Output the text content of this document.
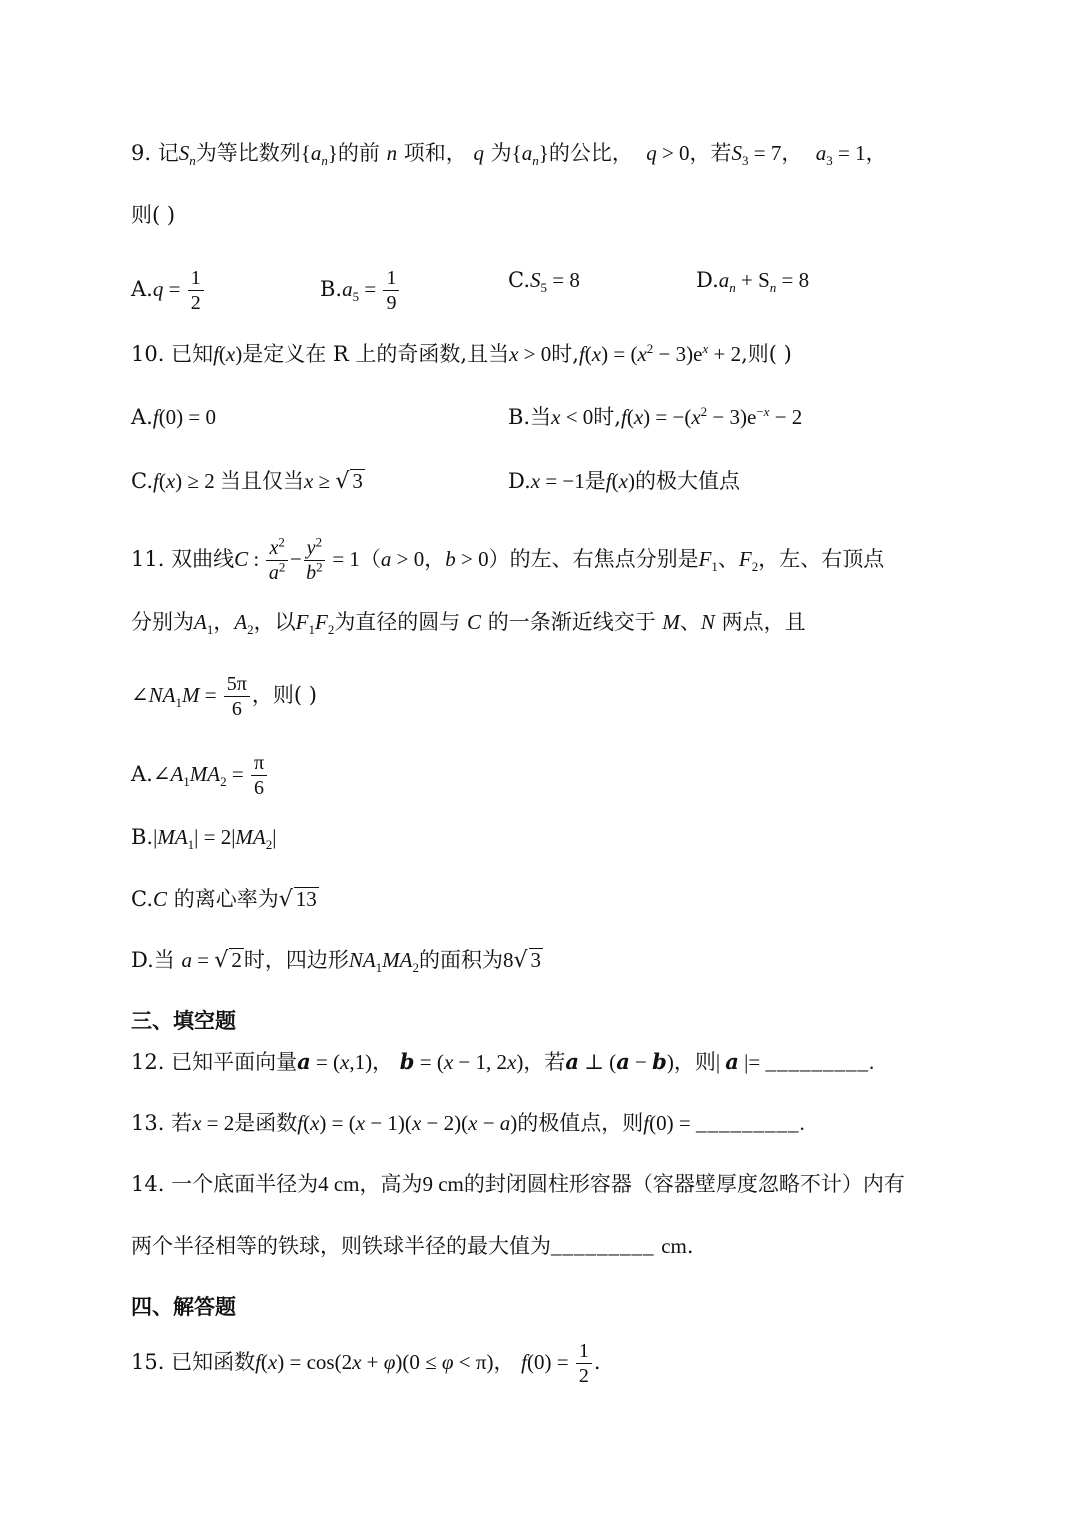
9. 记$S_n$为等比数列$\{a_n\}$的前 n 项和， q 为$\{a_n\}$的公比， q > 0，若$S_3 = 7$， $a_3 = 1$，
则( )
$A.q = \frac{1}{2}$	$B.a_5 = \frac{1}{9}$	$C.S_5 = 8$	$D.a_n + S_n = 8$
10. 已知f(x)是定义在 R 上的奇函数,且当x > 0时$,f(x) = (x^2 - 3)e^x + 2$,则( )
A.f(0) = 0	B.当x < 0时$,f(x) = -(x^2 - 3)e^{-x} - 2$
C.f(x) ≥ 2 当且仅当x ≥ √ 3	D.x = −1是f(x)的极大值点
11. 双曲线C : $\frac{x^2}{a^2} - \frac{y^2}{b^2} = 1(a > 0$，b > 0）的左、右焦点分别是$F_1$、$F_2$，左、右顶点
分别为$A_1$，$A_2$，以$F_1F_2$为直径的圆与 C 的一条渐近线交于 M、N 两点，且
$\angle NA_1M = \frac{5\pi}{6}$ ，则( )
$A.\angle A_1MA_2 = \frac{\pi}{6}$
$B.|MA_1| = 2|MA_2|$
C.C 的离心率为√ 13
D.当 a = √ 2时，四边形$NA_1MA_2$的面积为8√ 3
三、填空题
12. 已知平面向量a = (x,1)， b = (x − 1, 2x)，若a ⊥ (a − b)，则| a |= _________.
13. 若x = 2是函数f(x) = (x − 1)(x − 2)(x − a)的极值点，则f(0) = _________.
14. 一个底面半径为4 cm，高为9 cm的封闭圆柱形容器（容器壁厚度忽略不计）内有
两个半径相等的铁球，则铁球半径的最大值为_________ cm.
四、解答题
15. 已知函数f(x) = cos(2x + φ)(0 ≤ φ < π)， $f(0) = \frac{1}{2}$ .
